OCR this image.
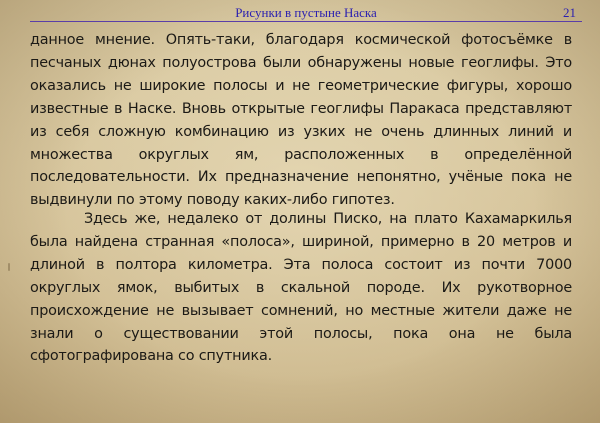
Рисунки в пустыне Наска	21

данное мнение. Опять-таки, благодаря космической фотосъёмке в песчаных дюнах полуострова были обнаружены новые геоглифы. Это оказались не широкие полосы и не геометрические фигуры, хорошо известные в Наске. Вновь открытые геоглифы Паракаса представляют из себя сложную комбинацию из узких не очень длинных линий и множества округлых ям, расположенных в определённой последовательности. Их предназначение непонятно, учёные пока не выдвинули по этому поводу каких-либо гипотез.

Здесь же, недалеко от долины Писко, на плато Кахамаркилья была найдена странная «полоса», шириной, примерно в 20 метров и длиной в полтора километра. Эта полоса состоит из почти 7000 округлых ямок, выбитых в скальной породе. Их рукотворное происхождение не вызывает сомнений, но местные жители даже не знали о существовании этой полосы, пока она не была сфотографирована со спутника.
